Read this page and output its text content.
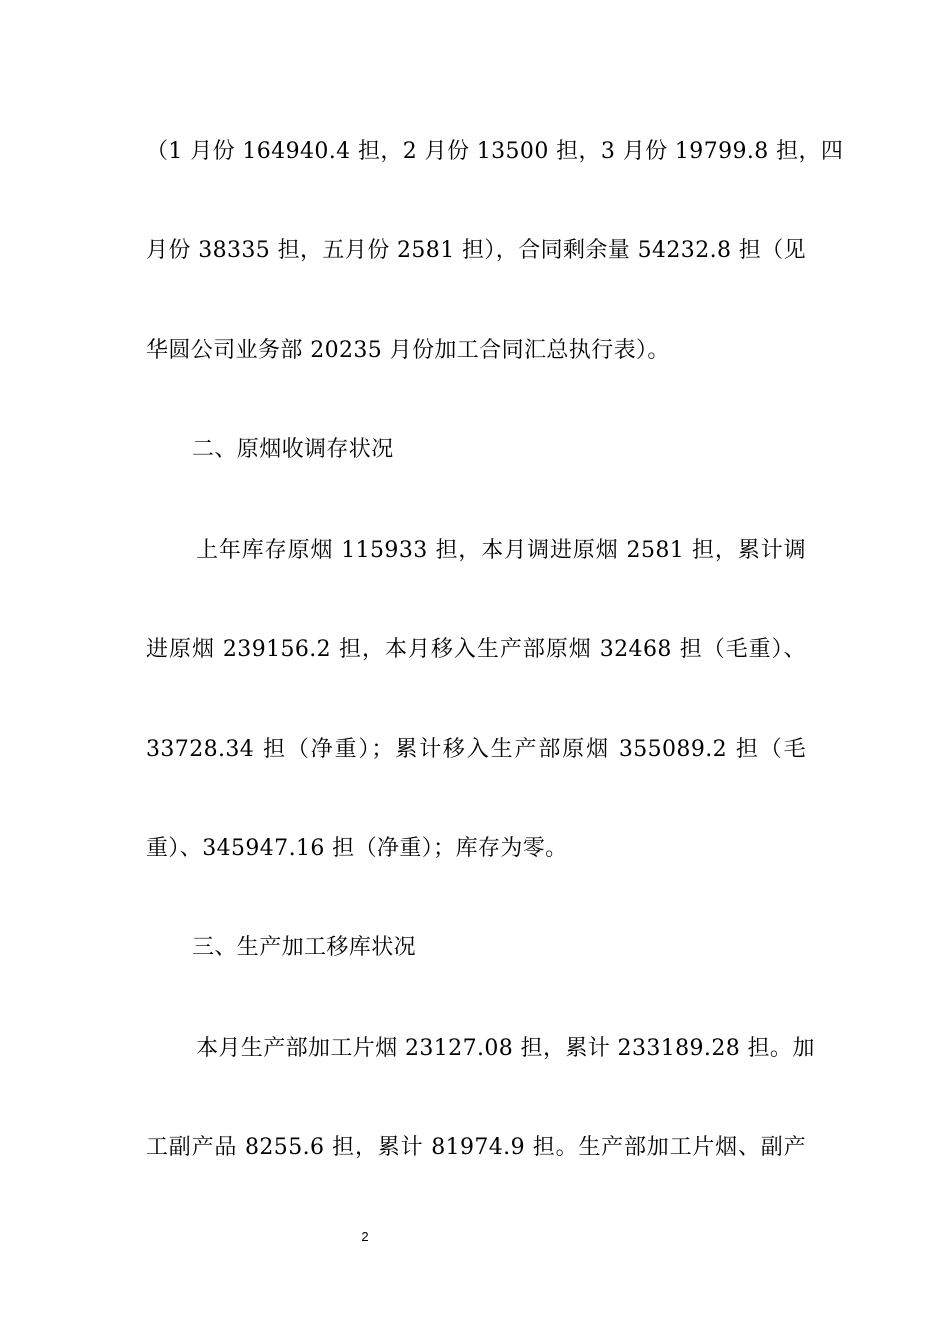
（1 月份 164940.4 担，2 月份 13500 担，3 月份 19799.8 担，四
月份 38335 担，五月份 2581 担），合同剩余量 54232.8 担（见
华圆公司业务部 20235 月份加工合同汇总执行表）。
二、原烟收调存状况
上年库存原烟 115933 担，本月调进原烟 2581 担，累计调
进原烟 239156.2 担，本月移入生产部原烟 32468 担（毛重）、
33728.34 担（净重）；累计移入生产部原烟 355089.2 担（毛
重）、345947.16 担（净重）；库存为零。
三、生产加工移库状况
本月生产部加工片烟 23127.08 担，累计 233189.28 担。加
工副产品 8255.6 担，累计 81974.9 担。生产部加工片烟、副产
2
